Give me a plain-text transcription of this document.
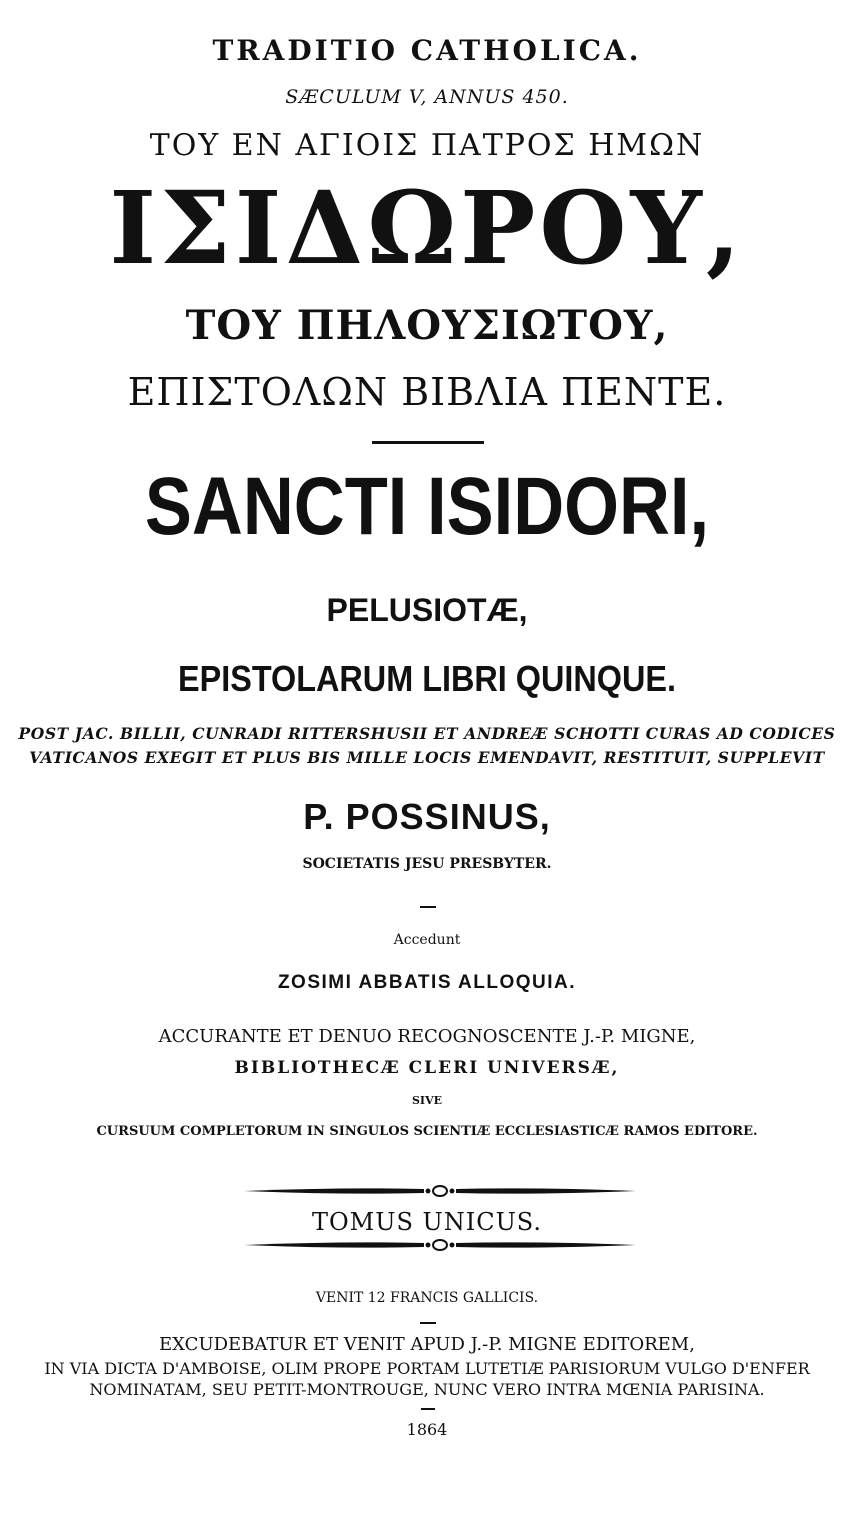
TRADITIO CATHOLICA.
SÆCULUM V, ANNUS 450.
ΤΟΥ ΕΝ ΑΓΙΟΙΣ ΠΑΤΡΟΣ ΗΜΩΝ
ΙΣΙΔΩΡΟΥ,
ΤΟΥ ΠΗΛΟΥΣΙΩΤΟΥ,
ΕΠΙΣΤΟΛΩΝ ΒΙΒΛΙΑ ΠΕΝΤΕ.
SANCTI ISIDORI,
PELUSIOTÆ,
EPISTOLARUM LIBRI QUINQUE.
POST JAC. BILLII, CUNRADI RITTERSHUSII ET ANDREÆ SCHOTTI CURAS AD CODICES
VATICANOS EXEGIT ET PLUS BIS MILLE LOCIS EMENDAVIT, RESTITUIT, SUPPLEVIT
P. POSSINUS,
SOCIETATIS JESU PRESBYTER.
Accedunt
ZOSIMI ABBATIS ALLOQUIA.
ACCURANTE ET DENUO RECOGNOSCENTE J.-P. MIGNE,
BIBLIOTHECÆ CLERI UNIVERSÆ,
SIVE
CURSUUM COMPLETORUM IN SINGULOS SCIENTIÆ ECCLESIASTICÆ RAMOS EDITORE.
TOMUS UNICUS.
VENIT 12 FRANCIS GALLICIS.
EXCUDEBATUR ET VENIT APUD J.-P. MIGNE EDITOREM,
IN VIA DICTA D'AMBOISE, OLIM PROPE PORTAM LUTETIÆ PARISIORUM VULGO D'ENFER
NOMINATAM, SEU PETIT-MONTROUGE, NUNC VERO INTRA MŒNIA PARISINA.
1864
